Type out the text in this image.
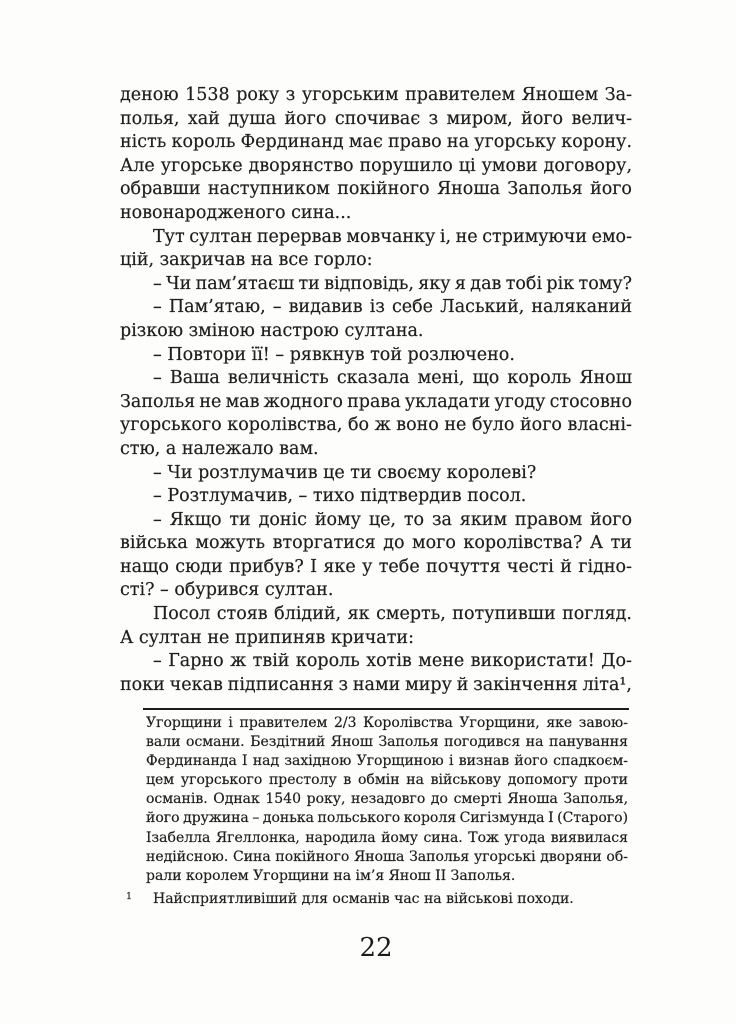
деною 1538 року з угорським правителем Яношем За-
полья, хай душа його спочиває з миром, його велич-
ність король Фердинанд має право на угорську корону.
Але угорське дворянство порушило ці умови договору,
обравши наступником покійного Яноша Заполья його
новонародженого сина...
Тут султан перервав мовчанку і, не стримуючи емо-
цій, закричав на все горло:
– Чи пам’ятаєш ти відповідь, яку я дав тобі рік тому?
– Пам’ятаю, – видавив із себе Ласький, наляканий
різкою зміною настрою султана.
– Повтори її! – рявкнув той розлючено.
– Ваша величність сказала мені, що король Янош
Заполья не мав жодного права укладати угоду стосовно
угорського королівства, бо ж воно не було його власні-
стю, а належало вам.
– Чи розтлумачив це ти своєму королеві?
– Розтлумачив, – тихо підтвердив посол.
– Якщо ти доніс йому це, то за яким правом його
війська можуть вторгатися до мого королівства? А ти
нащо сюди прибув? І яке у тебе почуття честі й гідно-
сті? – обурився султан.
Посол стояв блідий, як смерть, потупивши погляд.
А султан не припиняв кричати:
– Гарно ж твій король хотів мене використати! До-
поки чекав підписання з нами миру й закінчення літа¹,
Угорщини і правителем 2/3 Королівства Угорщини, яке завою-
вали османи. Бездітний Янош Заполья погодився на панування
Фердинанда I над західною Угорщиною і визнав його спадкоєм-
цем угорського престолу в обмін на військову допомогу проти
османів. Однак 1540 року, незадовго до смерті Яноша Заполья,
його дружина – донька польського короля Сигізмунда I (Старого)
Ізабелла Ягеллонка, народила йому сина. Тож угода виявилася
недійсною. Сина покійного Яноша Заполья угорські дворяни об-
рали королем Угорщини на ім’я Янош II Заполья.
1 Найсприятливіший для османів час на військові походи.
22
